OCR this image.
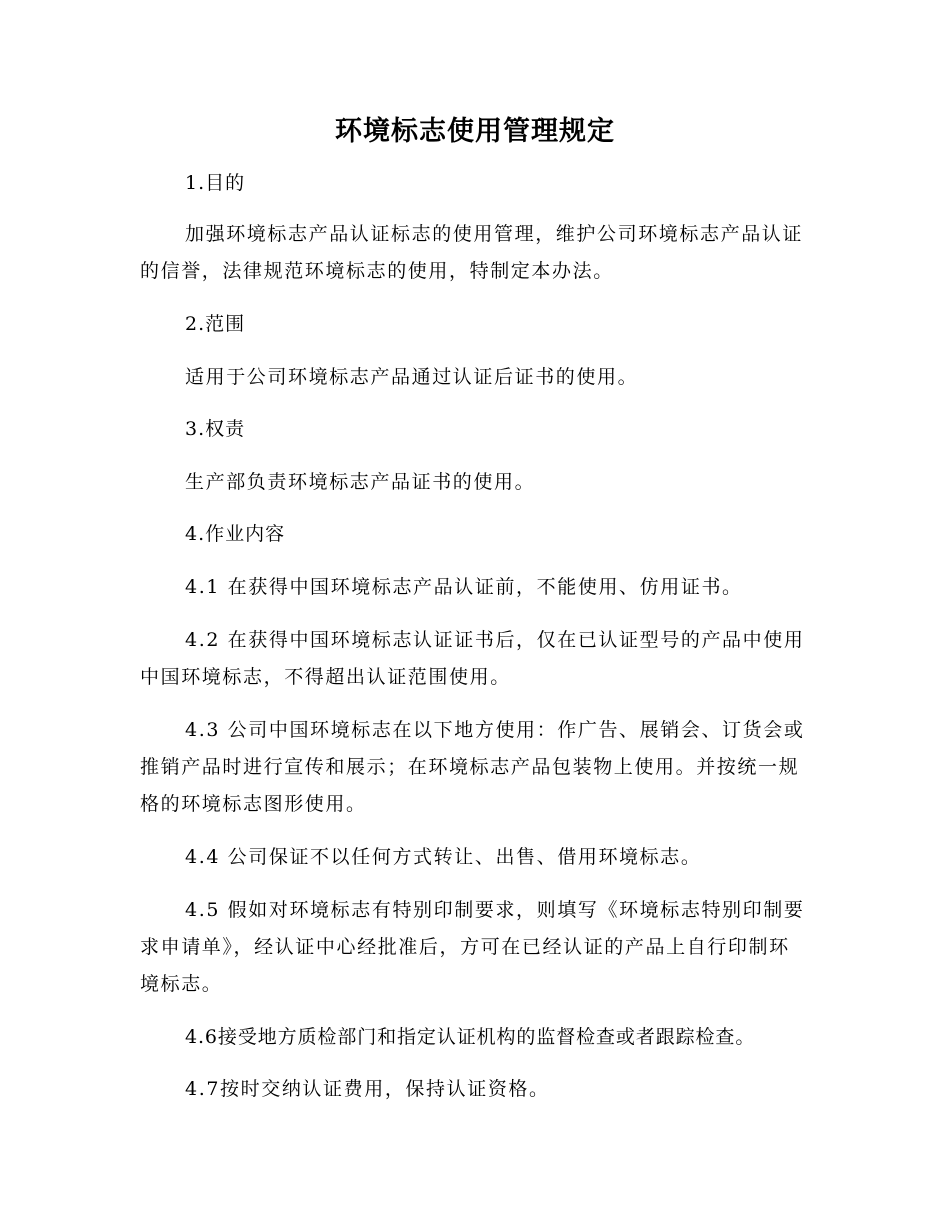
环境标志使用管理规定

1.目的

加强环境标志产品认证标志的使用管理，维护公司环境标志产品认证的信誉，法律规范环境标志的使用，特制定本办法。

2.范围

适用于公司环境标志产品通过认证后证书的使用。

3.权责

生产部负责环境标志产品证书的使用。

4.作业内容

4.1 在获得中国环境标志产品认证前，不能使用、仿用证书。

4.2 在获得中国环境标志认证证书后，仅在已认证型号的产品中使用中国环境标志，不得超出认证范围使用。

4.3 公司中国环境标志在以下地方使用：作广告、展销会、订货会或推销产品时进行宣传和展示；在环境标志产品包装物上使用。并按统一规格的环境标志图形使用。

4.4 公司保证不以任何方式转让、出售、借用环境标志。

4.5 假如对环境标志有特别印制要求，则填写《环境标志特别印制要求申请单》，经认证中心经批准后，方可在已经认证的产品上自行印制环境标志。

4.6接受地方质检部门和指定认证机构的监督检查或者跟踪检查。

4.7按时交纳认证费用，保持认证资格。
